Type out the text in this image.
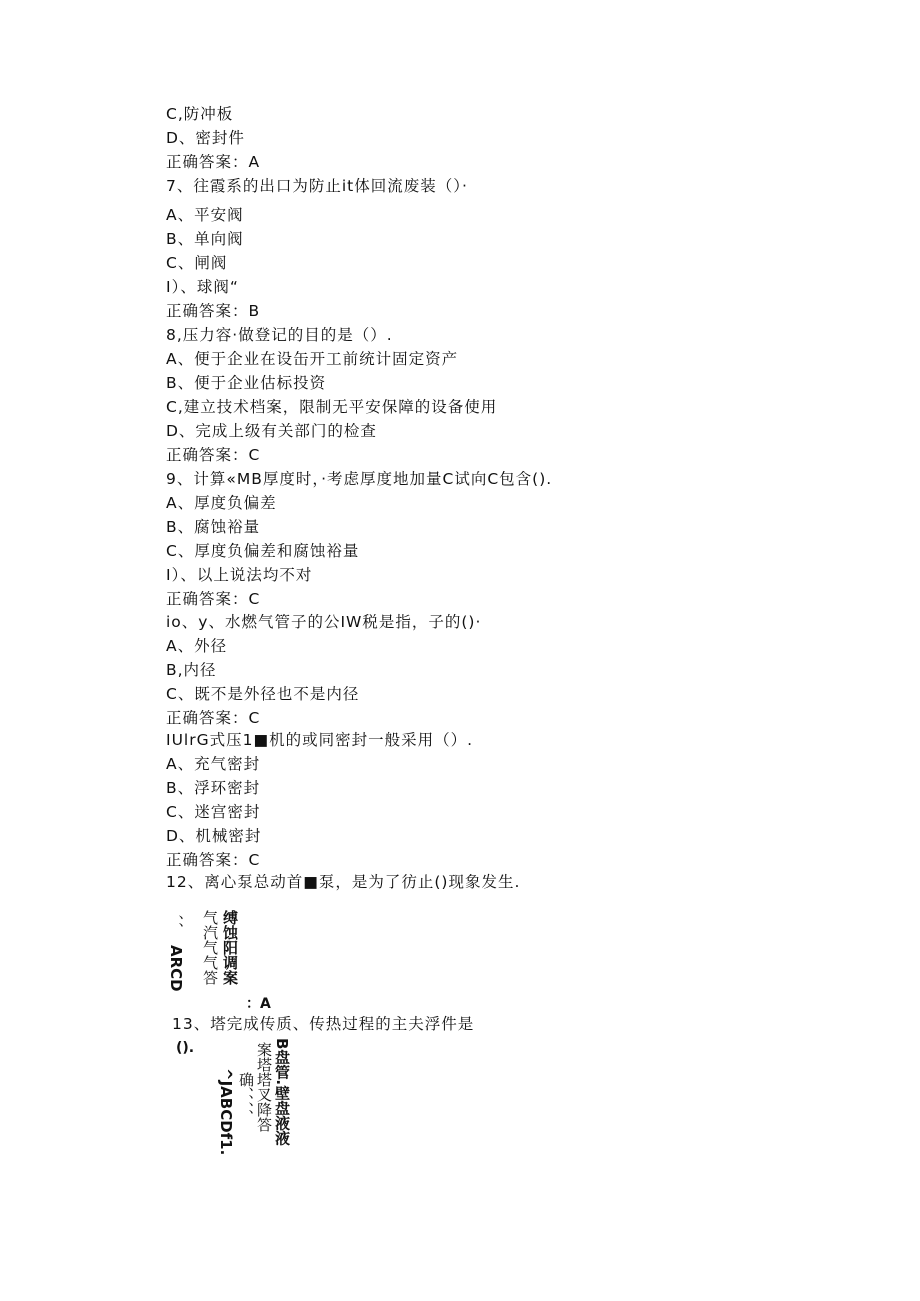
C,防冲板
D、密封件
正确答案：A
7、往霞系的出口为防止it体回流废装（）·
A、平安阀
B、单向阀
C、闸阀
I）、球阀“
正确答案：B
8,压力容·做登记的目的是（）.
A、便于企业在设缶开工前统计固定资产
B、便于企业估标投资
C,建立技术档案，限制无平安保障的设备使用
D、完成上级有关部门的检查
正确答案：C
9、计算«MB厚度时，·考虑厚度地加量C试向C包含().
A、厚度负偏差
B、腐蚀裕量
C、厚度负偏差和腐蚀裕量
I）、以上说法均不对
正确答案：C
io、y、水燃气管子的公IW税是指，子的()·
A、外径
B,内径
C、既不是外径也不是内径
正确答案：C
IUlrG式压1■机的或同密封一般采用（）.
A、充气密封
B、浮环密封
C、迷宫密封
D、机械密封
正确答案：C
12、离心泵总动首■泵，是为了彷止()现象发生.
、、
ARCD 气汽气气答 缚蚀阳调案
：A
13、塔完成传质、传热过程的主夫浮件是
().
^JABCDf1. 确、、、、 案塔塔叉降答 B盘管.壁盘液液
